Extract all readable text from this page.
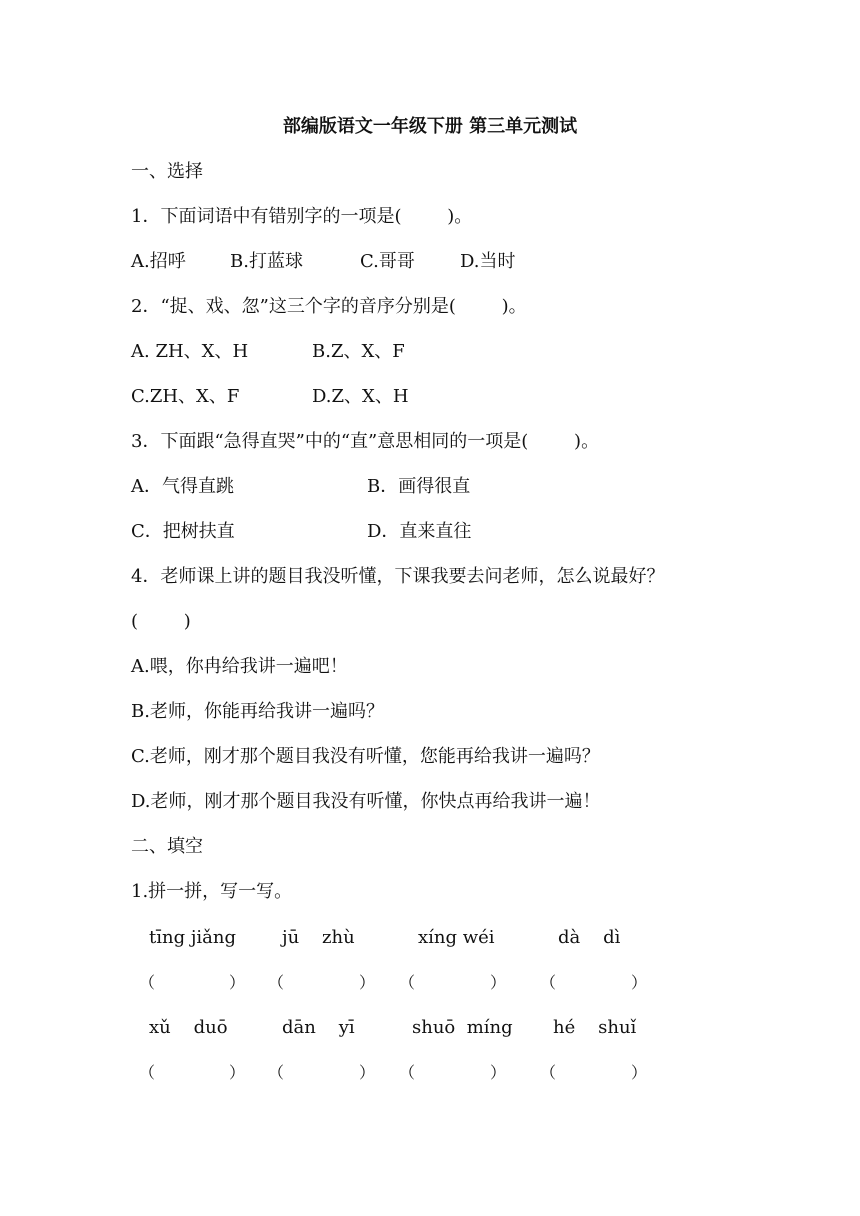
部编版语文一年级下册 第三单元测试
一、选择
1．下面词语中有错别字的一项是(        )。
A.招呼 B.打蓝球	C.哥哥	D.当时
2．“捉、戏、忽”这三个字的音序分别是(        )。
A. ZH、X、H	B.Z、X、F
C.ZH、X、F	D.Z、X、H
3．下面跟“急得直哭”中的“直”意思相同的一项是(        )。
A．气得直跳	B．画得很直
C．把树扶直	D．直来直往
4．老师课上讲的题目我没听懂，下课我要去问老师，怎么说最好？
(        )
A.喂，你冉给我讲一遍吧！
B.老师，你能再给我讲一遍吗？
C.老师，刚才那个题目我没有听懂，您能再给我讲一遍吗？
D.老师，刚才那个题目我没有听懂，你快点再给我讲一遍！
二、填空
1.拼一拼，写一写。
tīng jiǎng	jū    zhù	xíng wéi	dà    dì
（	） （	） （	） （	）
xǔ    duō	dān    yī	shuō  míng hé    shuǐ
（	） （	） （	） （	）
